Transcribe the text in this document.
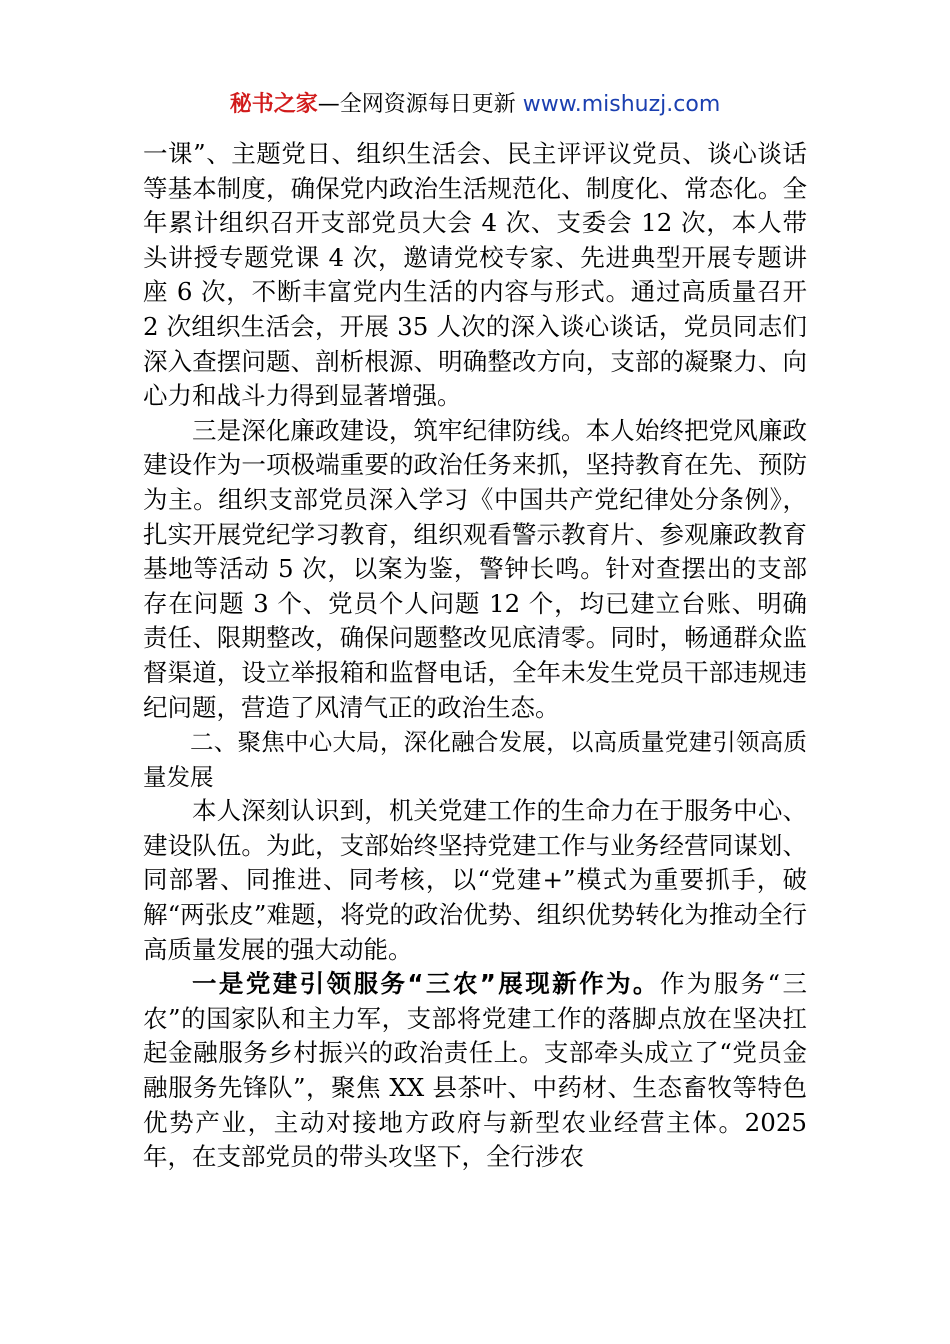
秘书之家—全网资源每日更新 www.mishuzj.com

一课”、主题党日、组织生活会、民主评评议党员、谈心谈话等基本制度，确保党内政治生活规范化、制度化、常态化。全年累计组织召开支部党员大会 4 次、支委会 12 次，本人带头讲授专题党课 4 次，邀请党校专家、先进典型开展专题讲座 6 次，不断丰富党内生活的内容与形式。通过高质量召开 2 次组织生活会，开展 35 人次的深入谈心谈话，党员同志们深入查摆问题、剖析根源、明确整改方向，支部的凝聚力、向心力和战斗力得到显著增强。

三是深化廉政建设，筑牢纪律防线。本人始终把党风廉政建设作为一项极端重要的政治任务来抓，坚持教育在先、预防为主。组织支部党员深入学习《中国共产党纪律处分条例》，扎实开展党纪学习教育，组织观看警示教育片、参观廉政教育基地等活动 5 次，以案为鉴，警钟长鸣。针对查摆出的支部存在问题 3 个、党员个人问题 12 个，均已建立台账、明确责任、限期整改，确保问题整改见底清零。同时，畅通群众监督渠道，设立举报箱和监督电话，全年未发生党员干部违规违纪问题，营造了风清气正的政治生态。

二、聚焦中心大局，深化融合发展，以高质量党建引领高质量发展

本人深刻认识到，机关党建工作的生命力在于服务中心、建设队伍。为此，支部始终坚持党建工作与业务经营同谋划、同部署、同推进、同考核，以“党建+”模式为重要抓手，破解“两张皮”难题，将党的政治优势、组织优势转化为推动全行高质量发展的强大动能。

一是党建引领服务“三农”展现新作为。作为服务“三农”的国家队和主力军，支部将党建工作的落脚点放在坚决扛起金融服务乡村振兴的政治责任上。支部牵头成立了“党员金融服务先锋队”，聚焦 XX 县茶叶、中药材、生态畜牧等特色优势产业，主动对接地方政府与新型农业经营主体。2025 年，在支部党员的带头攻坚下，全行涉农
